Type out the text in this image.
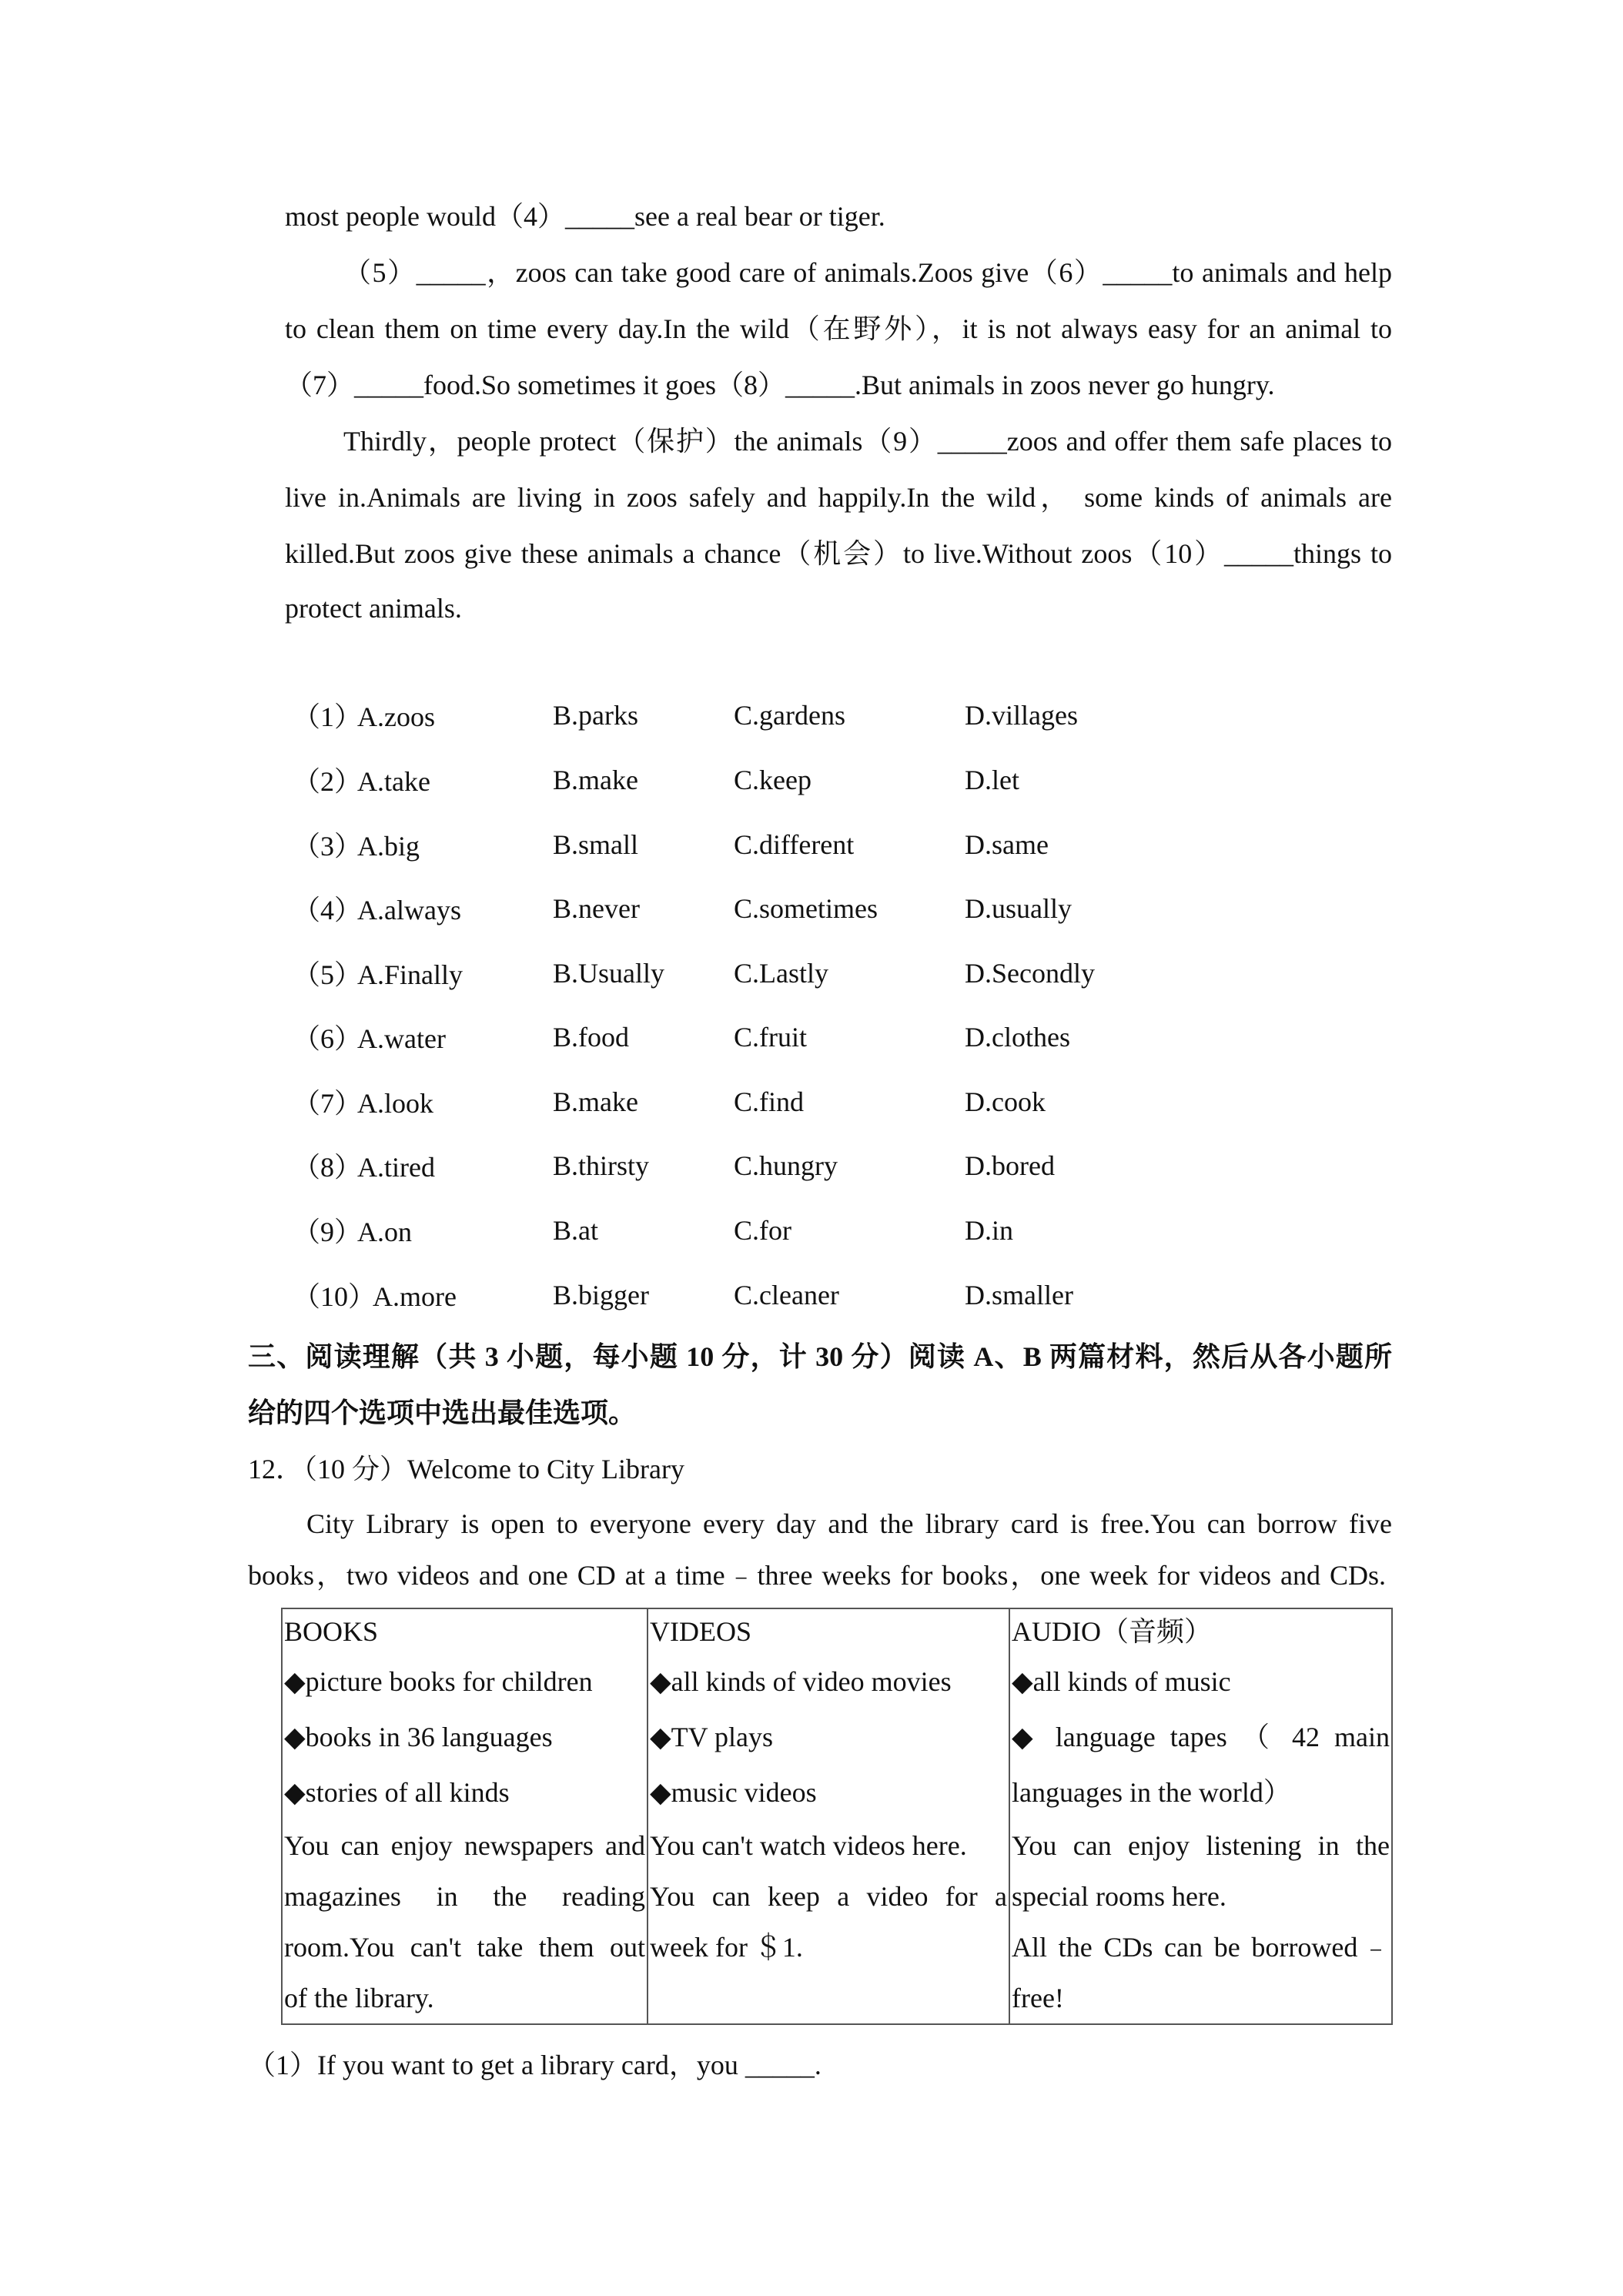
most people would（4）_____see a real bear or tiger.
（5）_____，zoos can take good care of animals.Zoos give（6）_____to animals and help
to clean them on time every day.In the wild（在野外），it is not always easy for an animal to
（7）_____food.So sometimes it goes（8）_____.But animals in zoos never go hungry.
Thirdly，people protect（保护）the animals（9）_____zoos and offer them safe places to
live in.Animals are living in zoos safely and happily.In the wild， some kinds of animals are
killed.But zoos give these animals a chance（机会）to live.Without zoos（10）_____things to
protect animals.
（1）
A.zoos	B.parks	C.gardens	D.villages
（2）
A.take	B.make	C.keep	D.let
（3）
A.big	B.small	C.different	D.same
（4）
A.always	B.never	C.sometimes	D.usually
（5）
A.Finally	B.Usually C.Lastly	D.Secondly
（6）
A.water	B.food	C.fruit	D.clothes
（7）
A.look	B.make	C.find	D.cook
（8）
A.tired	B.thirsty	C.hungry	D.bored
（9）
A.on	B.at	C.for	D.in
（10）
A.more	B.bigger	C.cleaner	D.smaller
三、阅读理解（共 3 小题，每小题 10 分，计 30 分）阅读 A、B 两篇材料，然后从各小题所
给的四个选项中选出最佳选项。
12．（10 分）Welcome to City Library
City Library is open to everyone every day and the library card is free.You can borrow five
books，two videos and one CD at a time﹣three weeks for books，one week for videos and CDs.
BOOKS
◆picture books for children
◆books in 36 languages
◆stories of all kinds
You can enjoy newspapers and
magazines in the reading
room.You can't take them out
of the library.

VIDEOS
◆all kinds of video movies
◆TV plays
◆music videos
You can't watch videos here.
You can keep a video for a
week for ＄1.

AUDIO（音频）
◆all kinds of music
◆ language tapes （ 42 main
languages in the world）
You can enjoy listening in the
special rooms here.
All the CDs can be borrowed﹣
free!
（1）If you want to get a library card，you _____.
